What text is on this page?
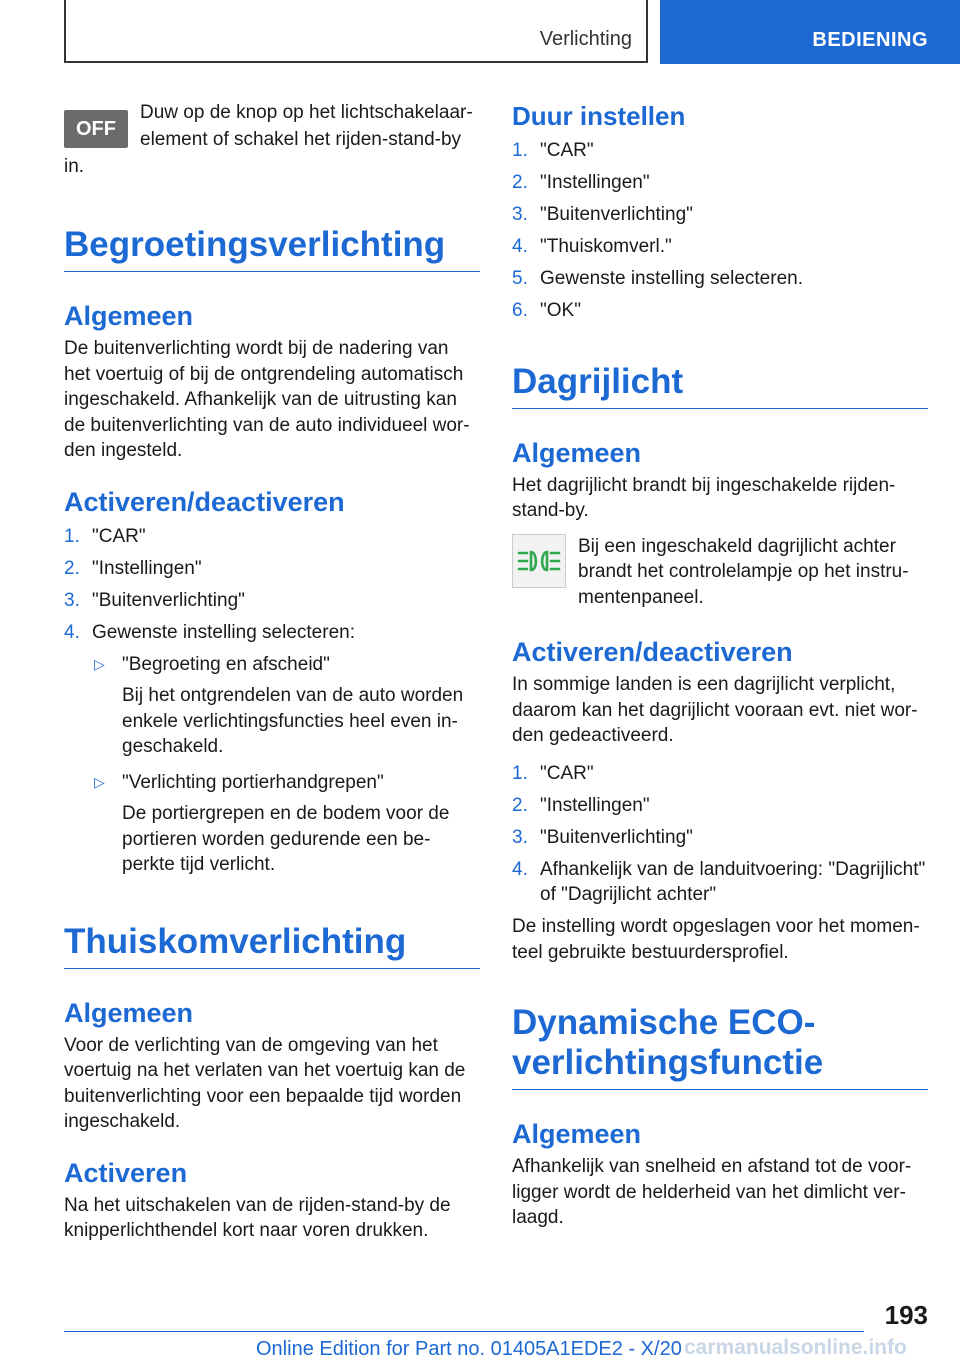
Verlichting	BEDIENING
OFF

Duw op de knop op het lichtschakelaar-

element of schakel het rijden-stand-by

in.

Begroetingsverlichting
Algemeen

De buitenverlichting wordt bij de nadering van het voertuig of bij de ontgrendeling automatisch ingeschakeld. Afhankelijk van de uitrusting kan de buitenverlichting van de auto individueel wor-den ingesteld.

Activeren/deactiveren
1. "CAR"
2. "Instellingen"
3. "Buitenverlichting"
4. Gewenste instelling selecteren:
▷ "Begroeting en afscheid"
Bij het ontgrendelen van de auto worden enkele verlichtingsfuncties heel even in-geschakeld.
▷ "Verlichting portierhandgrepen"
De portiergrepen en de bodem voor de portieren worden gedurende een be-perkte tijd verlicht.
Thuiskomverlichting
Algemeen

Voor de verlichting van de omgeving van het voertuig na het verlaten van het voertuig kan de buitenverlichting voor een bepaalde tijd worden ingeschakeld.

Activeren

Na het uitschakelen van de rijden-stand-by de knipperlichthendel kort naar voren drukken.

Duur instellen
1. "CAR"
2. "Instellingen"
3. "Buitenverlichting"
4. "Thuiskomverl."
5. Gewenste instelling selecteren.
6. "OK"
Dagrijlicht
Algemeen

Het dagrijlicht brandt bij ingeschakelde rijden-stand-by.

Bij een ingeschakeld dagrijlicht achter brandt het controlelampje op het instru-mentenpaneel.

Activeren/deactiveren

In sommige landen is een dagrijlicht verplicht, daarom kan het dagrijlicht vooraan evt. niet wor-den gedeactiveerd.

1. "CAR"
2. "Instellingen"
3. "Buitenverlichting"
4. Afhankelijk van de landuitvoering: "Dagrijlicht" of "Dagrijlicht achter"

De instelling wordt opgeslagen voor het momen-teel gebruikte bestuurdersprofiel.

Dynamische ECO-
verlichtingsfunctie
Algemeen

Afhankelijk van snelheid en afstand tot de voor-ligger wordt de helderheid van het dimlicht ver-laagd.

193
Online Edition for Part no. 01405A1EDE2 - X/20 carmanualsonline.info
